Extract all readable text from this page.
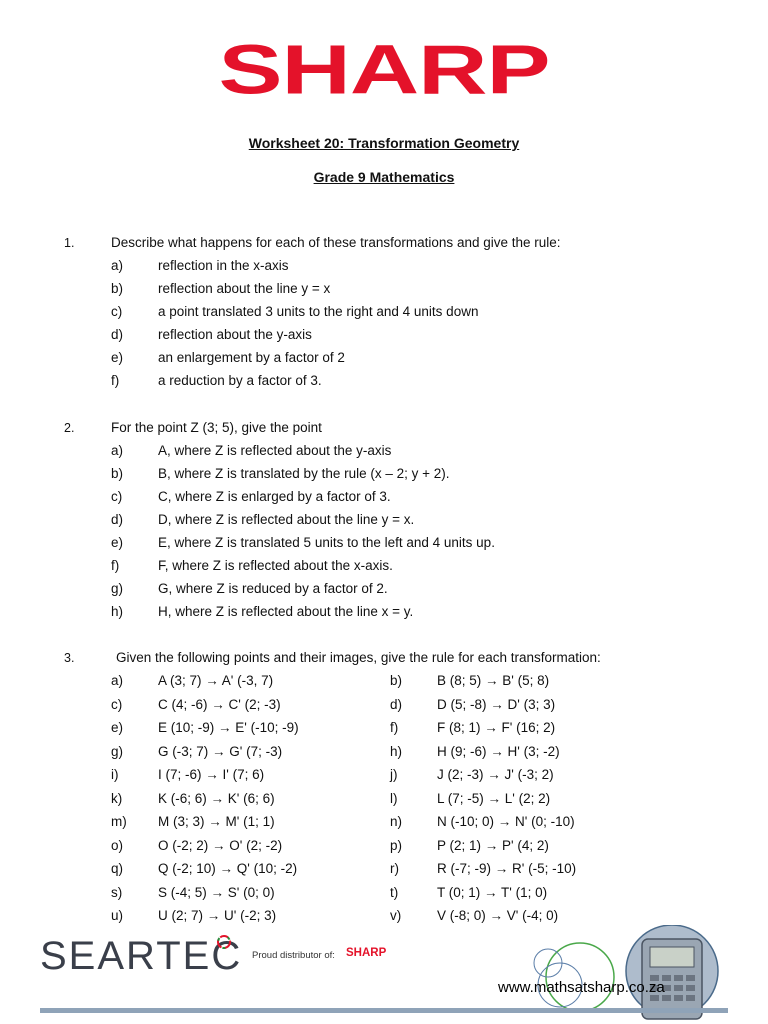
SHARP
Worksheet 20: Transformation Geometry
Grade 9 Mathematics
1.	Describe what happens for each of these transformations and give the rule:
a)	reflection in the x-axis
b)	reflection about the line y = x
c)	a point translated 3 units to the right and 4 units down
d)	reflection about the y-axis
e)	an enlargement by a factor of 2
f)	a reduction by a factor of 3.
2.	For the point Z (3; 5), give the point
a)	A, where Z is reflected about the y-axis
b)	B, where Z is translated by the rule (x – 2; y + 2).
c)	C, where Z is enlarged by a factor of 3.
d)	D, where Z is reflected about the line y = x.
e)	E, where Z is translated 5 units to the left and 4 units up.
f)	F, where Z is reflected about the x-axis.
g)	G, where Z is reduced by a factor of 2.
h)	H, where Z is reflected about the line x = y.
3.	Given the following points and their images, give the rule for each transformation:
a)	A (3; 7) → A' (-3, 7)	b)	B (8; 5) → B' (5; 8)
c)	C (4; -6) → C' (2; -3)	d)	D (5; -8) → D' (3; 3)
e)	E (10; -9) → E' (-10; -9)	f)	F (8; 1) → F' (16; 2)
g)	G (-3; 7) → G' (7; -3)	h)	H (9; -6) → H' (3; -2)
i)	I (7; -6) → I' (7; 6)	j)	J (2; -3) → J' (-3; 2)
k)	K (-6; 6) → K' (6; 6)	l)	L (7; -5) → L' (2; 2)
m) M (3; 3) → M' (1; 1)	n)	N (-10; 0) → N' (0; -10)
o)	O (-2; 2) → O' (2; -2)	p)	P (2; 1) → P' (4; 2)
q)	Q (-2; 10) → Q' (10; -2)	r)	R (-7; -9) → R' (-5; -10)
s)	S (-4; 5) → S' (0; 0)	t)	T (0; 1) → T' (1; 0)
u)	U (2; 7) → U' (-2; 3)	v)	V (-8; 0) → V' (-4; 0)
SEARTEC Proud distributor of: SHARP
www.mathsatsharp.co.za
